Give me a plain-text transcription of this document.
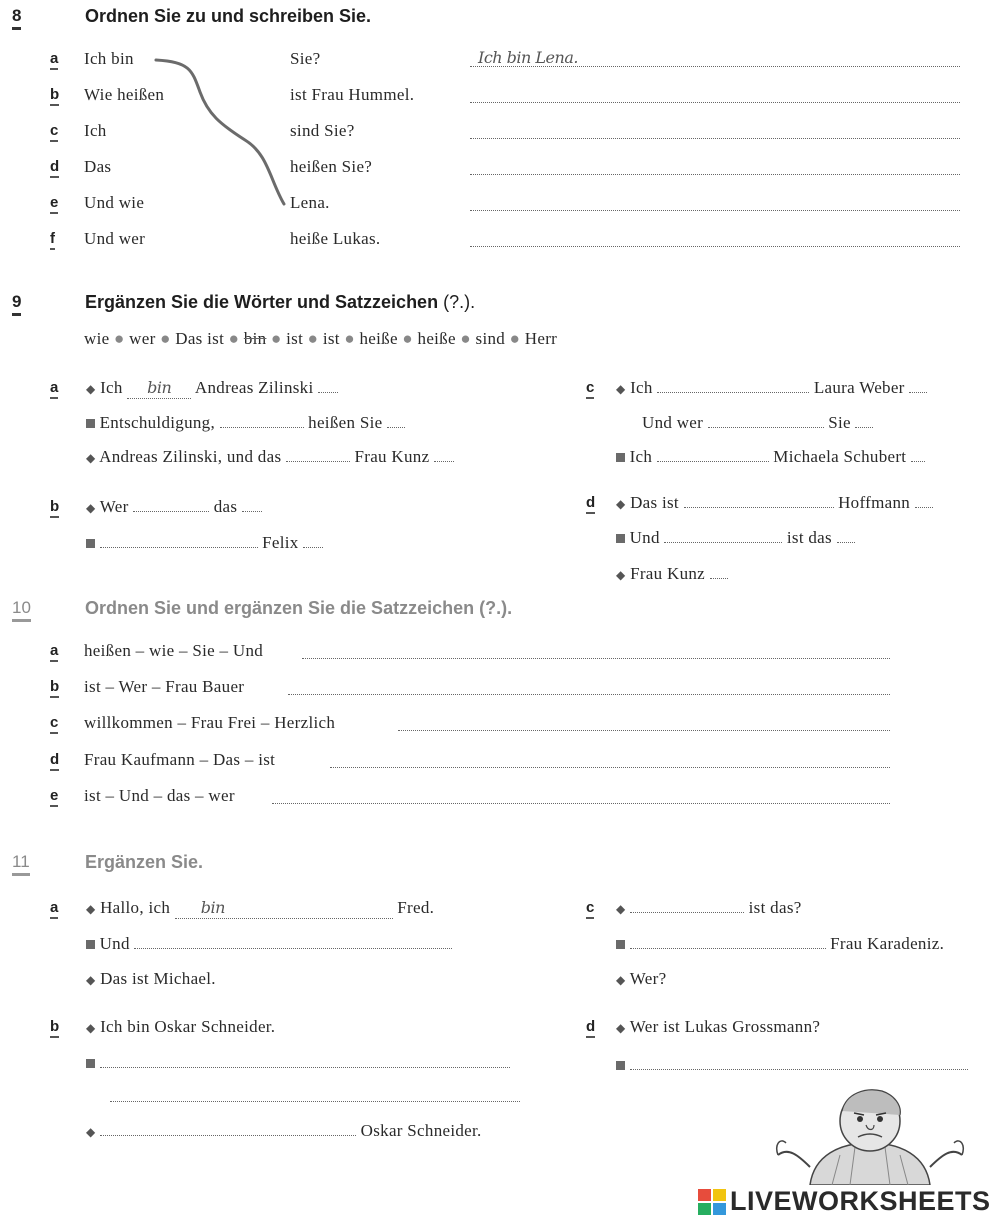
8	Ordnen Sie zu und schreiben Sie.
a Ich bin	Sie?	Ich bin Lena.
b Wie heißen	ist Frau Hummel.
c Ich	sind Sie?
d Das	heißen Sie?
e Und wie	Lena.
f Und wer	heiße Lukas.
9	Ergänzen Sie die Wörter und Satzzeichen (?.).
wie ● wer ● Das ist ● bin ● ist ● ist ● heiße ● heiße ● sind ● Herr
a ◆ Ich bin Andreas Zilinski
Entschuldigung,	heißen Sie
◆ Andreas Zilinski, und das	Frau Kunz
b ◆ Wer	das
Felix
c ◆ Ich	Laura Weber
Und wer	Sie
Ich	Michaela Schubert
d ◆ Das ist	Hoffmann
Und	ist das
◆ Frau Kunz
10	Ordnen Sie und ergänzen Sie die Satzzeichen (?.).
a heißen – wie – Sie – Und
b ist – Wer – Frau Bauer
c willkommen – Frau Frei – Herzlich
d Frau Kaufmann – Das – ist
e ist – Und – das – wer
11	Ergänzen Sie.
a ◆ Hallo, ich bin	Fred.
Und
◆ Das ist Michael.
b ◆ Ich bin Oskar Schneider.

◆	Oskar Schneider.
c ◆	ist das?
Frau Karadeniz.
◆ Wer?
d ◆ Wer ist Lukas Grossmann?

LIVEWORKSHEETS
